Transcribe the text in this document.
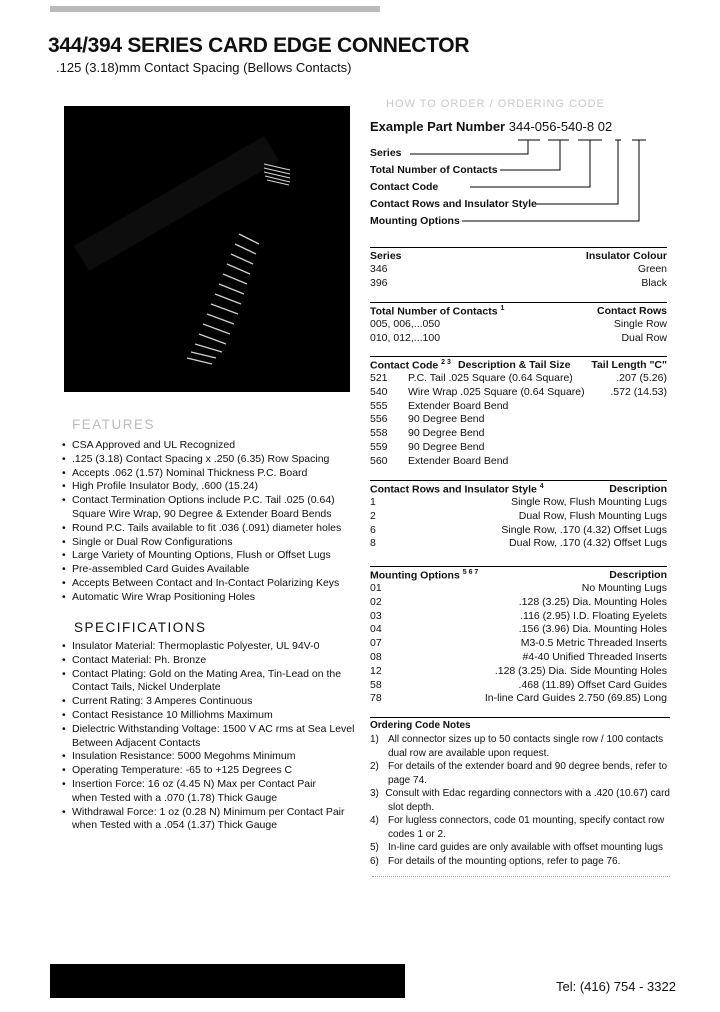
344/394 SERIES CARD EDGE CONNECTOR
.125 (3.18)mm Contact Spacing (Bellows Contacts)
HOW TO ORDER / ORDERING CODE
Example Part Number 344-056-540-8 02
Series
Total Number of Contacts
Contact Code
Contact Rows and Insulator Style
Mounting Options
Series	Insulator Colour
346	Green
396	Black
Total Number of Contacts $^1$	Contact Rows
005, 006,...050	Single Row
010, 012,...100	Dual Row
Contact Code $^{2 3}$ Description & Tail Size	Tail Length "C"
521	P.C. Tail .025 Square (0.64 Square)	.207 (5.26)
540	Wire Wrap .025 Square (0.64 Square)	.572 (14.53)
555	Extender Board Bend
556	90 Degree Bend
558	90 Degree Bend
559	90 Degree Bend
560	Extender Board Bend
Contact Rows and Insulator Style $^4$	Description
1	Single Row, Flush Mounting Lugs
2	Dual Row, Flush Mounting Lugs
6	Single Row, .170 (4.32) Offset Lugs
8	Dual Row, .170 (4.32) Offset Lugs
Mounting Options $^{5 6 7}$	Description
01	No Mounting Lugs
02	.128 (3.25) Dia. Mounting Holes
03	.116 (2.95) I.D. Floating Eyelets
04	.156 (3.96) Dia. Mounting Holes
07	M3-0.5 Metric Threaded Inserts
08	#4-40 Unified Threaded Inserts
12	.128 (3.25) Dia. Side Mounting Holes
58	.468 (11.89) Offset Card Guides
78	In-line Card Guides 2.750 (69.85) Long
Ordering Code Notes
1) All connector sizes up to 50 contacts single row / 100 contacts
dual row are available upon request.
2) For details of the extender board and 90 degree bends, refer to
page 74.
3) Consult with Edac regarding connectors with a .420 (10.67) card
slot depth.
4) For lugless connectors, code 01 mounting, specify contact row
codes 1 or 2.
5) In-line card guides are only available with offset mounting lugs
6) For details of the mounting options, refer to page 76.
FEATURES
• CSA Approved and UL Recognized
• .125 (3.18) Contact Spacing x .250 (6.35) Row Spacing
• Accepts .062 (1.57) Nominal Thickness P.C. Board
• High Profile Insulator Body, .600 (15.24)
• Contact Termination Options include P.C. Tail .025 (0.64)
Square Wire Wrap, 90 Degree & Extender Board Bends
• Round P.C. Tails available to fit .036 (.091) diameter holes
• Single or Dual Row Configurations
• Large Variety of Mounting Options, Flush or Offset Lugs
• Pre-assembled Card Guides Available
• Accepts Between Contact and In-Contact Polarizing Keys
• Automatic Wire Wrap Positioning Holes
SPECIFICATIONS
• Insulator Material: Thermoplastic Polyester, UL 94V-0
• Contact Material: Ph. Bronze
• Contact Plating: Gold on the Mating Area, Tin-Lead on the
Contact Tails, Nickel Underplate
• Current Rating: 3 Amperes Continuous
• Contact Resistance 10 Milliohms Maximum
• Dielectric Withstanding Voltage: 1500 V AC rms at Sea Level
Between Adjacent Contacts
• Insulation Resistance: 5000 Megohms Minimum
• Operating Temperature: -65 to +125 Degrees C
• Insertion Force: 16 oz (4.45 N) Max per Contact Pair
when Tested with a .070 (1.78) Thick Gauge
• Withdrawal Force: 1 oz (0.28 N) Minimum per Contact Pair
when Tested with a .054 (1.37) Thick Gauge
Tel: (416) 754 - 3322
